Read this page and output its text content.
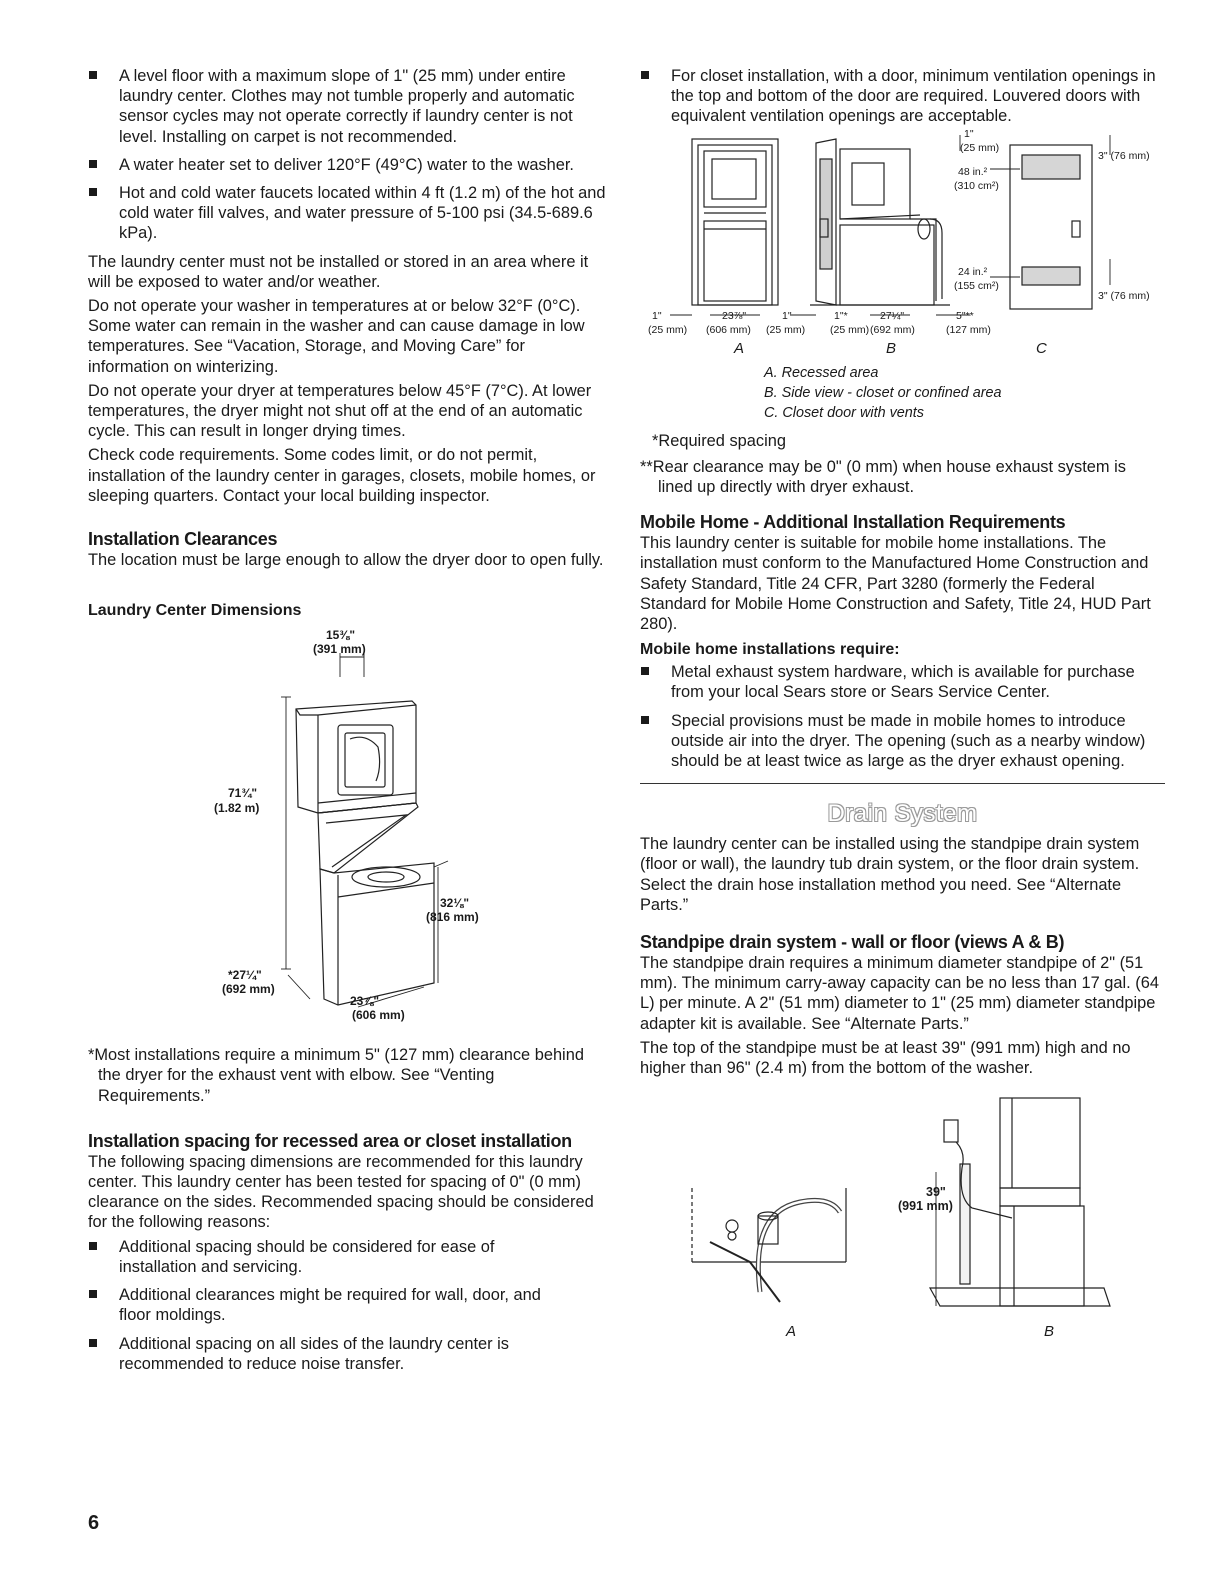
A level floor with a maximum slope of 1" (25 mm) under entire laundry center. Clothes may not tumble properly and automatic sensor cycles may not operate correctly if laundry center is not level. Installing on carpet is not recommended.
A water heater set to deliver 120°F (49°C) water to the washer.
Hot and cold water faucets located within 4 ft (1.2 m) of the hot and cold water fill valves, and water pressure of 5-100 psi (34.5-689.6 kPa).

The laundry center must not be installed or stored in an area where it will be exposed to water and/or weather.

Do not operate your washer in temperatures at or below 32°F (0°C). Some water can remain in the washer and can cause damage in low temperatures. See “Vacation, Storage, and Moving Care” for information on winterizing.

Do not operate your dryer at temperatures below 45°F (7°C). At lower temperatures, the dryer might not shut off at the end of an automatic cycle. This can result in longer drying times.

Check code requirements. Some codes limit, or do not permit, installation of the laundry center in garages, closets, mobile homes, or sleeping quarters. Contact your local building inspector.

Installation Clearances

The location must be large enough to allow the dryer door to open fully.

Laundry Center Dimensions
15⅜"
(391 mm)
71¾"
(1.82 m)
32⅛"
(816 mm)
*27¼"
(692 mm)
23⅞"
(606 mm)

*Most installations require a minimum 5" (127 mm) clearance behind the dryer for the exhaust vent with elbow. See “Venting Requirements.”

Installation spacing for recessed area or closet installation

The following spacing dimensions are recommended for this laundry center. This laundry center has been tested for spacing of 0" (0 mm) clearance on the sides. Recommended spacing should be considered for the following reasons:

Additional spacing should be considered for ease of installation and servicing.
Additional clearances might be required for wall, door, and floor moldings.
Additional spacing on all sides of the laundry center is recommended to reduce noise transfer.
For closet installation, with a door, minimum ventilation openings in the top and bottom of the door are required. Louvered doors with equivalent ventilation openings are acceptable.
1"
(25 mm)
23⅞"
(606 mm)
1"
(25 mm)
1"*
(25 mm)
27¼"
(692 mm)
5"**
(127 mm)
1"
(25 mm)
48 in.²
(310 cm²)
24 in.²
(155 cm²)
3" (76 mm)
3" (76 mm)
A	B	C

A. Recessed area

B. Side view - closet or confined area

C. Closet door with vents

*Required spacing

**Rear clearance may be 0" (0 mm) when house exhaust system is lined up directly with dryer exhaust.

Mobile Home - Additional Installation Requirements

This laundry center is suitable for mobile home installations. The installation must conform to the Manufactured Home Construction and Safety Standard, Title 24 CFR, Part 3280 (formerly the Federal Standard for Mobile Home Construction and Safety, Title 24, HUD Part 280).

Mobile home installations require:
Metal exhaust system hardware, which is available for purchase from your local Sears store or Sears Service Center.
Special provisions must be made in mobile homes to introduce outside air into the dryer. The opening (such as a nearby window) should be at least twice as large as the dryer exhaust opening.
Drain System

The laundry center can be installed using the standpipe drain system (floor or wall), the laundry tub drain system, or the floor drain system. Select the drain hose installation method you need. See “Alternate Parts.”

Standpipe drain system - wall or floor (views A & B)

The standpipe drain requires a minimum diameter standpipe of 2" (51 mm). The minimum carry-away capacity can be no less than 17 gal. (64 L) per minute. A 2" (51 mm) diameter to 1" (25 mm) diameter standpipe adapter kit is available. See “Alternate Parts.”

The top of the standpipe must be at least 39" (991 mm) high and no higher than 96" (2.4 m) from the bottom of the washer.

39"
(991 mm)
A	B
6
